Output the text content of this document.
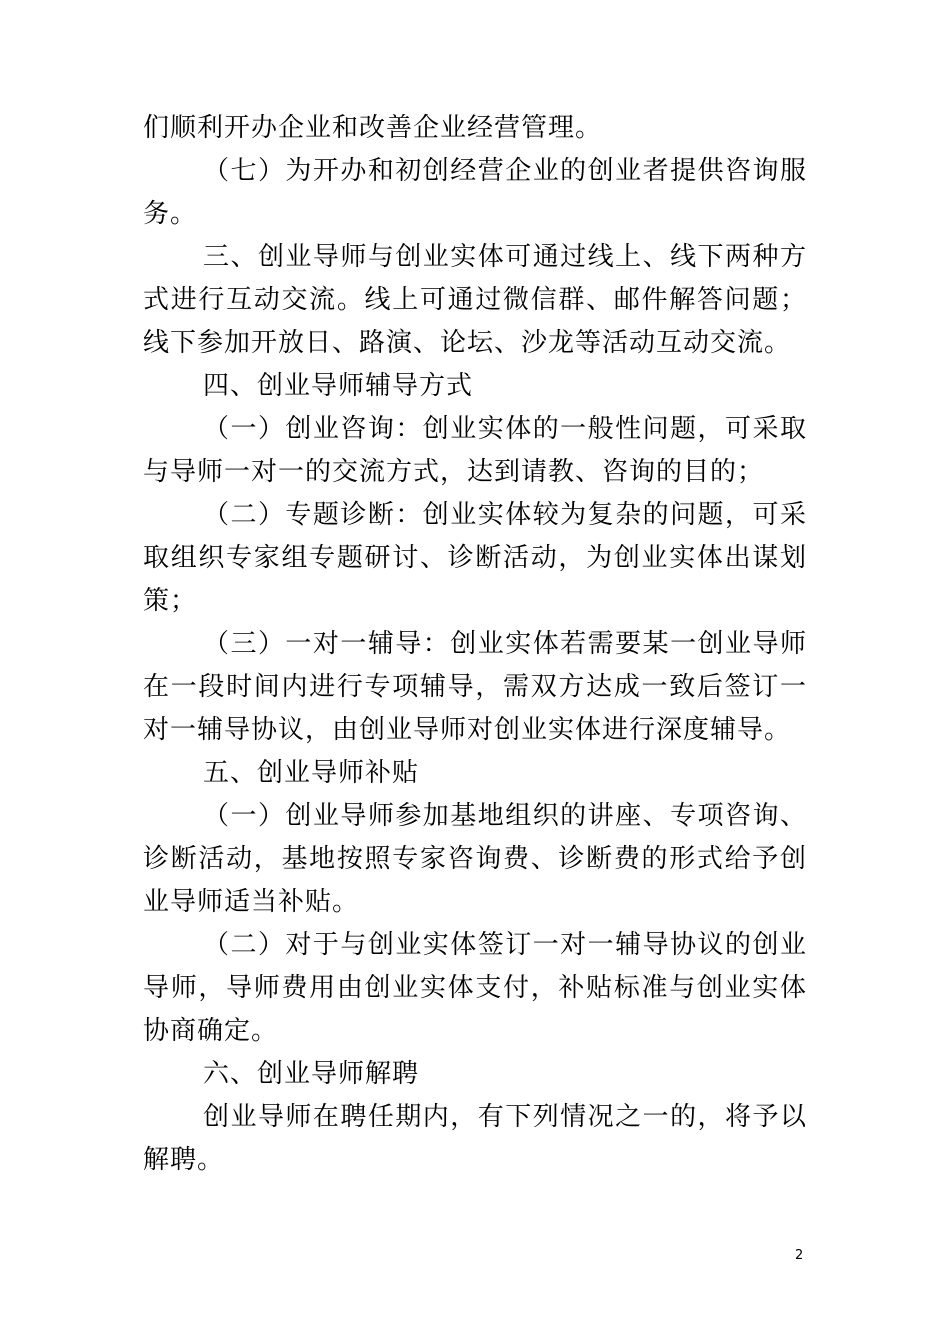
们顺利开办企业和改善企业经营管理。

（七）为开办和初创经营企业的创业者提供咨询服务。

三、创业导师与创业实体可通过线上、线下两种方式进行互动交流。线上可通过微信群、邮件解答问题；线下参加开放日、路演、论坛、沙龙等活动互动交流。

四、创业导师辅导方式

（一）创业咨询：创业实体的一般性问题，可采取与导师一对一的交流方式，达到请教、咨询的目的；

（二）专题诊断：创业实体较为复杂的问题，可采取组织专家组专题研讨、诊断活动，为创业实体出谋划策；

（三）一对一辅导：创业实体若需要某一创业导师在一段时间内进行专项辅导，需双方达成一致后签订一对一辅导协议，由创业导师对创业实体进行深度辅导。

五、创业导师补贴

（一）创业导师参加基地组织的讲座、专项咨询、诊断活动，基地按照专家咨询费、诊断费的形式给予创业导师适当补贴。

（二）对于与创业实体签订一对一辅导协议的创业导师，导师费用由创业实体支付，补贴标准与创业实体协商确定。

六、创业导师解聘

创业导师在聘任期内，有下列情况之一的，将予以解聘。

2
